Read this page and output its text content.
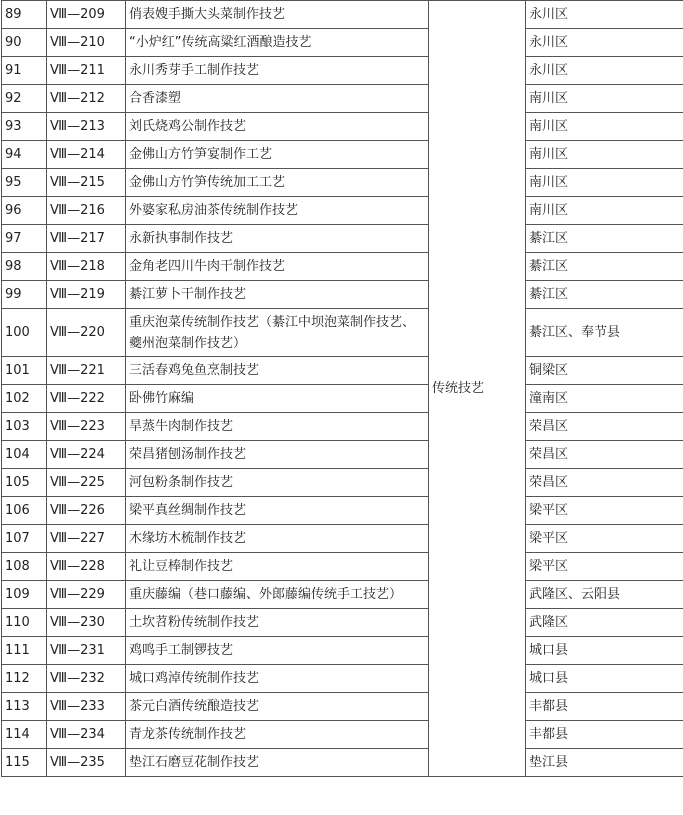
89	Ⅷ—209	俏表嫂手撕大头菜制作技艺	传统技艺	永川区
90	Ⅷ—210	“小炉红”传统高粱红酒酿造技艺		永川区
91	Ⅷ—211	永川秀芽手工制作技艺		永川区
92	Ⅷ—212	合香漆塑		南川区
93	Ⅷ—213	刘氏烧鸡公制作技艺		南川区
94	Ⅷ—214	金佛山方竹笋宴制作工艺		南川区
95	Ⅷ—215	金佛山方竹笋传统加工工艺		南川区
96	Ⅷ—216	外婆家私房油茶传统制作技艺		南川区
97	Ⅷ—217	永新执事制作技艺		綦江区
98	Ⅷ—218	金角老四川牛肉干制作技艺		綦江区
99	Ⅷ—219	綦江萝卜干制作技艺		綦江区
100	Ⅷ—220	重庆泡菜传统制作技艺（綦江中坝泡菜制作技艺、夔州泡菜制作技艺）		綦江区、奉节县
101	Ⅷ—221	三活春鸡兔鱼烹制技艺		铜梁区
102	Ⅷ—222	卧佛竹麻编		潼南区
103	Ⅷ—223	旱蒸牛肉制作技艺		荣昌区
104	Ⅷ—224	荣昌猪刨汤制作技艺		荣昌区
105	Ⅷ—225	河包粉条制作技艺		荣昌区
106	Ⅷ—226	梁平真丝绸制作技艺		梁平区
107	Ⅷ—227	木缘坊木梳制作技艺		梁平区
108	Ⅷ—228	礼让豆棒制作技艺		梁平区
109	Ⅷ—229	重庆藤编（巷口藤编、外郎藤编传统手工技艺）		武隆区、云阳县
110	Ⅷ—230	土坎苕粉传统制作技艺		武隆区
111	Ⅷ—231	鸡鸣手工制锣技艺		城口县
112	Ⅷ—232	城口鸡淖传统制作技艺		城口县
113	Ⅷ—233	茶元白酒传统酿造技艺		丰都县
114	Ⅷ—234	青龙茶传统制作技艺		丰都县
115	Ⅷ—235	垫江石磨豆花制作技艺		垫江县
